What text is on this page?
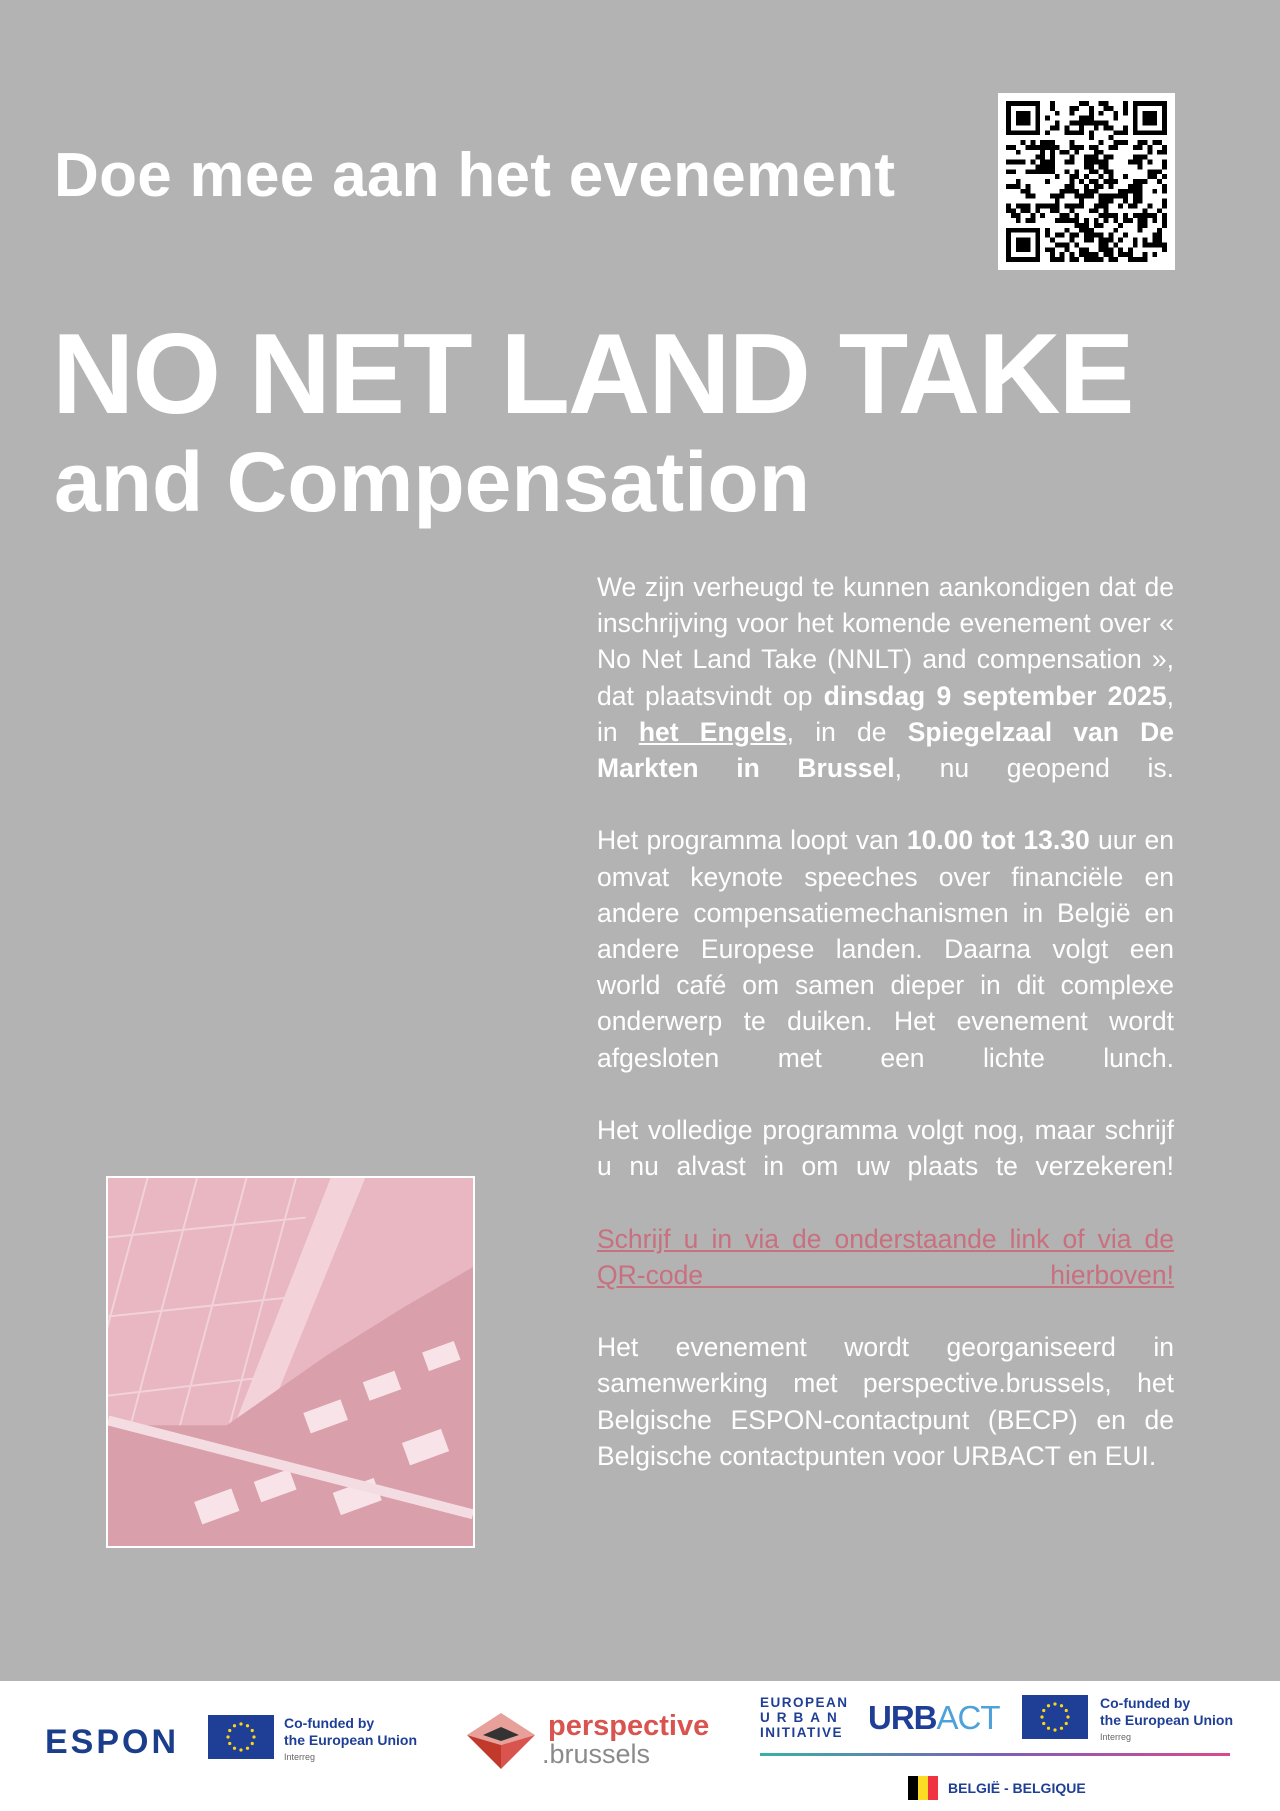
Doe mee aan het evenement
NO NET LAND TAKE
and Compensation

We zijn verheugd te kunnen aankondigen dat de inschrijving voor het komende evenement over « No Net Land Take (NNLT) and compensation », dat plaatsvindt op dinsdag 9 september 2025, in het Engels, in de Spiegelzaal van De Markten in Brussel, nu geopend is.

Het programma loopt van 10.00 tot 13.30 uur en omvat keynote speeches over financiële en andere compensatiemechanismen in België en andere Europese landen. Daarna volgt een world café om samen dieper in dit complexe onderwerp te duiken. Het evenement wordt afgesloten met een lichte lunch.

Het volledige programma volgt nog, maar schrijf u nu alvast in om uw plaats te verzekeren!

Schrijf u in via de onderstaande link of via de QR-code hierboven!

Het evenement wordt georganiseerd in samenwerking met perspective.brussels, het Belgische ESPON-contactpunt (BECP) en de Belgische contactpunten voor URBACT en EUI.

ESPON	Co-funded by
the European Union
Interreg
perspective
.brussels
EUROPEAN
URBAN
INITIATIVE URBACT	Co-funded by
the European Union
Interreg
BELGIË - BELGIQUE
